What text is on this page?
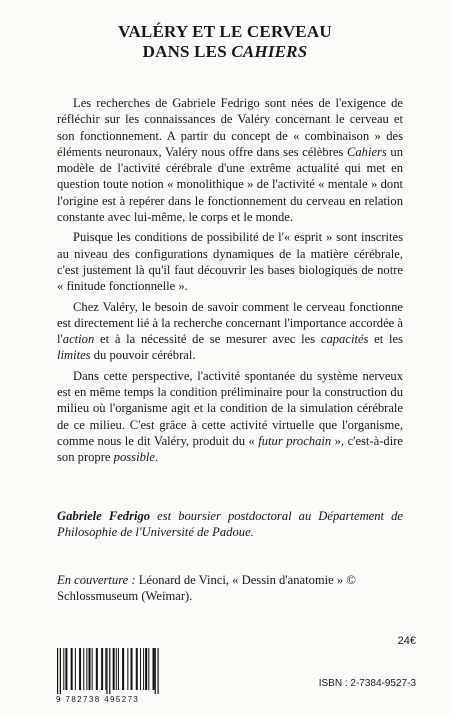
VALÉRY ET LE CERVEAU
DANS LES CAHIERS

Les recherches de Gabriele Fedrigo sont nées de l'exigence de réfléchir sur les connaissances de Valéry concernant le cerveau et son fonctionnement. A partir du concept de « combinaison » des éléments neuronaux, Valéry nous offre dans ses célèbres Cahiers un modèle de l'activité cérébrale d'une extrême actualité qui met en question toute notion « monolithique » de l'activité « mentale » dont l'origine est à repérer dans le fonctionnement du cerveau en relation constante avec lui-même, le corps et le monde.

Puisque les conditions de possibilité de l'« esprit » sont inscrites au niveau des configurations dynamiques de la matière cérébrale, c'est justement là qu'il faut découvrir les bases biologiques de notre « finitude fonctionnelle ».

Chez Valéry, le besoin de savoir comment le cerveau fonctionne est directement lié à la recherche concernant l'importance accordée à l'action et à la nécessité de se mesurer avec les capacités et les limites du pouvoir cérébral.

Dans cette perspective, l'activité spontanée du système nerveux est en même temps la condition préliminaire pour la construction du milieu où l'organisme agit et la condition de la simulation cérébrale de ce milieu. C'est grâce à cette activité virtuelle que l'organisme, comme nous le dit Valéry, produit du « futur prochain », c'est-à-dire son propre possible.

Gabriele Fedrigo est boursier postdoctoral au Département de Philosophie de l'Université de Padoue.
En couverture : Léonard de Vinci, « Dessin d'anatomie » © Schlossmuseum (Weimar).
24€
9 782738 495273
ISBN : 2-7384-9527-3
